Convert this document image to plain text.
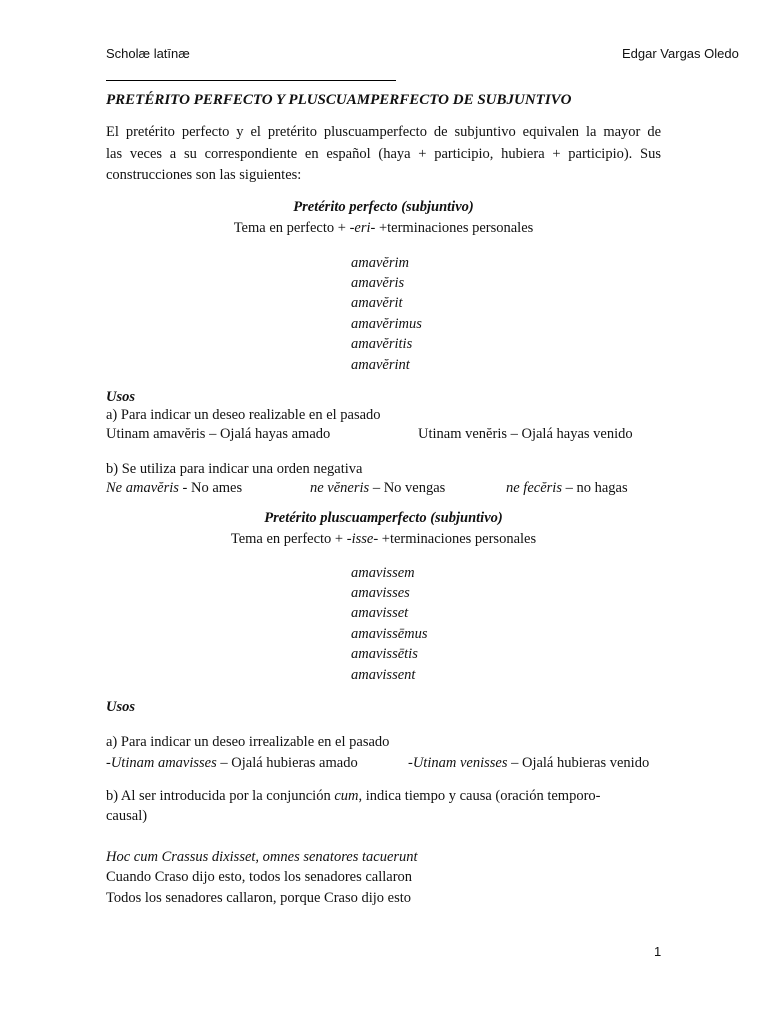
Scholæ latīnæ	Edgar Vargas Oledo
PRETÉRITO PERFECTO Y PLUSCUAMPERFECTO DE SUBJUNTIVO
El pretérito perfecto y el pretérito pluscuamperfecto de subjuntivo equivalen la mayor de
las veces a su correspondiente en español (haya + participio, hubiera + participio). Sus
construcciones son las siguientes:
Pretérito perfecto (subjuntivo)
Tema en perfecto + -eri- +terminaciones personales
amavĕrim
amavĕris
amavĕrit
amavĕrimus
amavĕritis
amavĕrint
Usos
a) Para indicar un deseo realizable en el pasado
Utinam amavĕris – Ojalá hayas amado	Utinam venĕris – Ojalá hayas venido
b) Se utiliza para indicar una orden negativa
Ne amavĕris - No ames	ne vĕneris – No vengas	ne fecĕris – no hagas
Pretérito pluscuamperfecto (subjuntivo)
Tema en perfecto + -isse- +terminaciones personales
amavissem
amavisses
amavisset
amavissēmus
amavissētis
amavissent
Usos
a) Para indicar un deseo irrealizable en el pasado
-Utinam amavisses – Ojalá hubieras amado	-Utinam venisses – Ojalá hubieras venido
b) Al ser introducida por la conjunción cum, indica tiempo y causa (oración temporo-
causal)
Hoc cum Crassus dixisset, omnes senatores tacuerunt
Cuando Craso dijo esto, todos los senadores callaron
Todos los senadores callaron, porque Craso dijo esto
1
